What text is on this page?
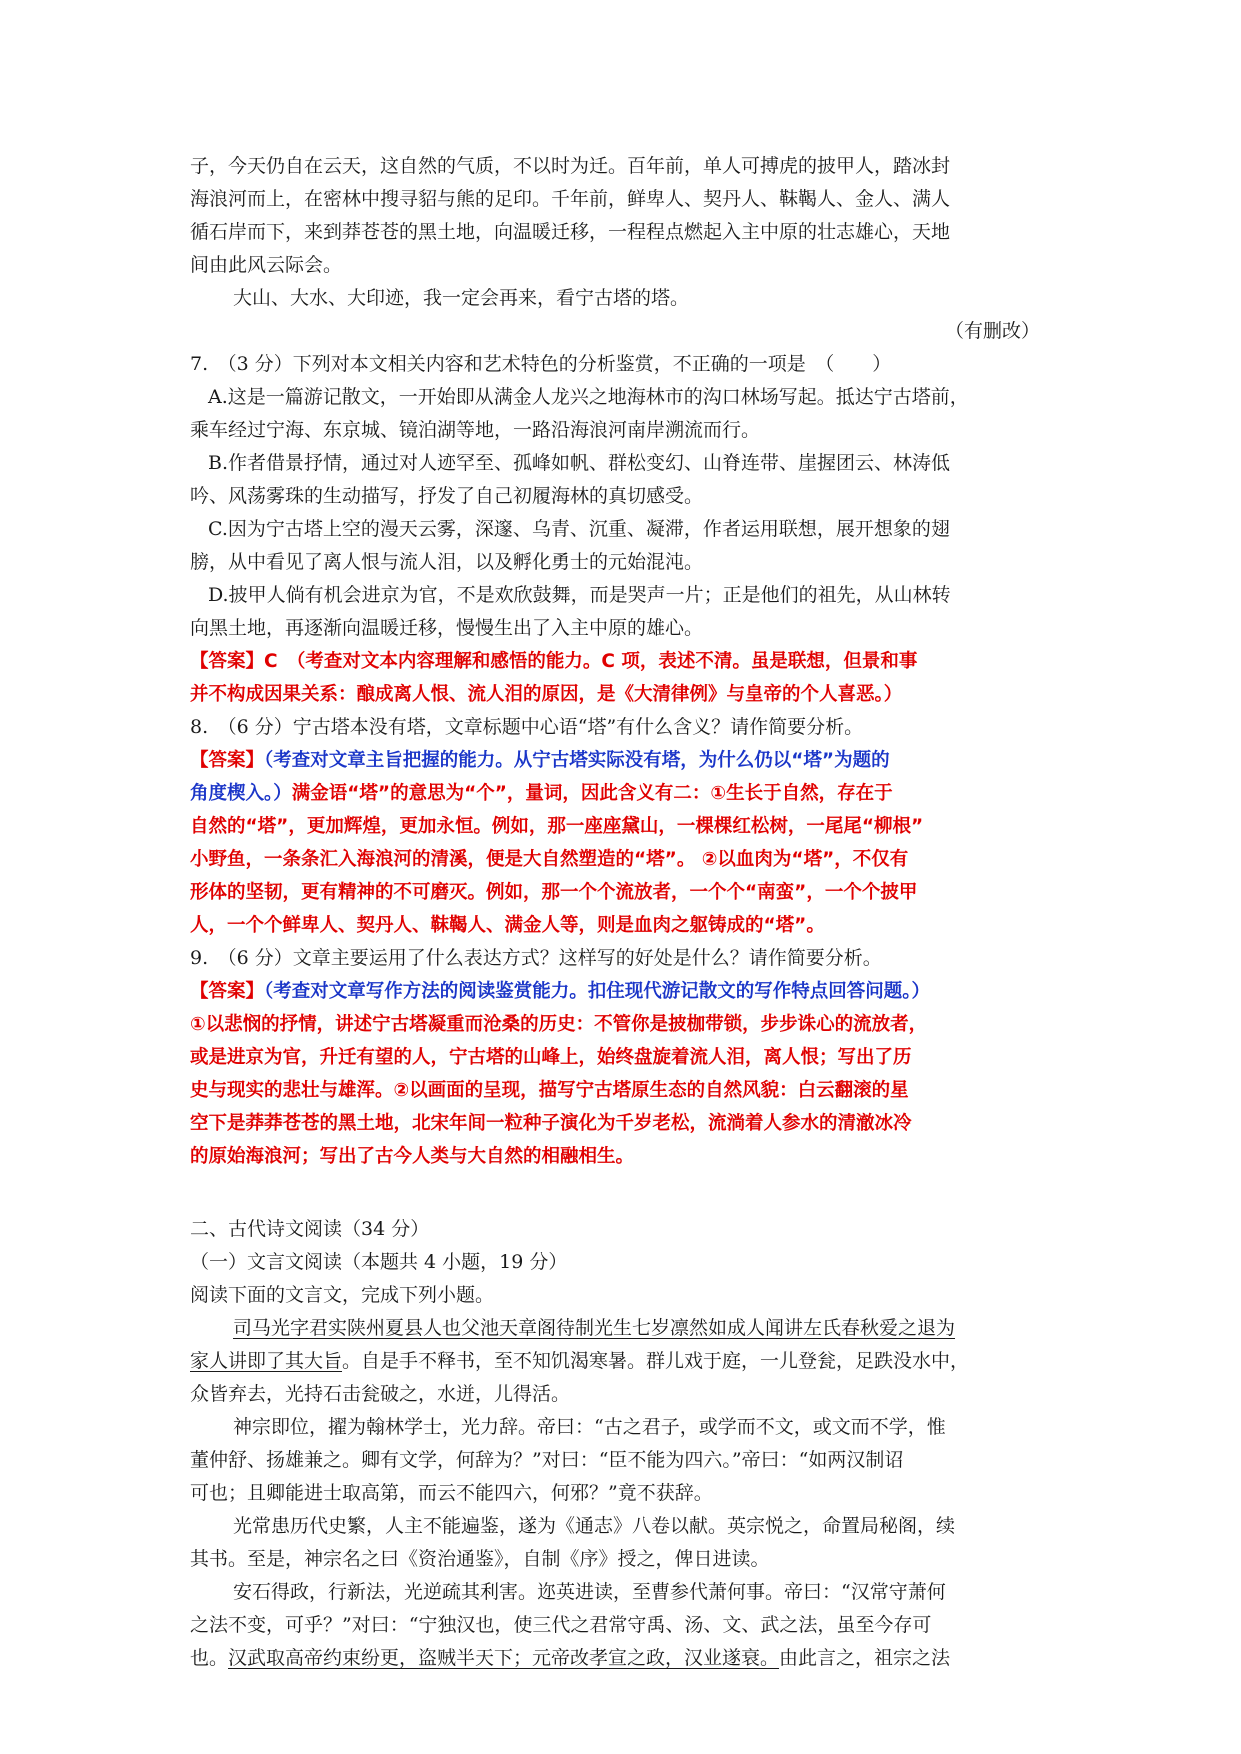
子，今天仍自在云天，这自然的气质，不以时为迁。百年前，单人可搏虎的披甲人，踏冰封
海浪河而上，在密林中搜寻貂与熊的足印。千年前，鲜卑人、契丹人、靺鞨人、金人、满人
循石岸而下，来到莽苍苍的黑土地，向温暖迁移，一程程点燃起入主中原的壮志雄心，天地
间由此风云际会。
大山、大水、大印迹，我一定会再来，看宁古塔的塔。
（有删改）
7.　（3 分）下列对本文相关内容和艺术特色的分析鉴赏，不正确的一项是　（　　）
A.这是一篇游记散文，一开始即从满金人龙兴之地海林市的沟口林场写起。抵达宁古塔前，
乘车经过宁海、东京城、镜泊湖等地，一路沿海浪河南岸溯流而行。
B.作者借景抒情，通过对人迹罕至、孤峰如帆、群松变幻、山脊连带、崖握团云、林涛低
吟、风荡雾珠的生动描写，抒发了自己初履海林的真切感受。
C.因为宁古塔上空的漫天云雾，深邃、乌青、沉重、凝滞，作者运用联想，展开想象的翅
膀，从中看见了离人恨与流人泪，以及孵化勇士的元始混沌。
D.披甲人倘有机会进京为官，不是欢欣鼓舞，而是哭声一片；正是他们的祖先，从山林转
向黑土地，再逐渐向温暖迁移，慢慢生出了入主中原的雄心。
【答案】C　（考查对文本内容理解和感悟的能力。C 项，表述不清。虽是联想，但景和事
并不构成因果关系：酿成离人恨、流人泪的原因，是《大清律例》与皇帝的个人喜恶。）
8.　（6 分）宁古塔本没有塔，文章标题中心语“塔”有什么含义？请作简要分析。
【答案】（考查对文章主旨把握的能力。从宁古塔实际没有塔，为什么仍以“塔”为题的
角度楔入。）满金语“塔”的意思为“个”，量词，因此含义有二：①生长于自然，存在于
自然的“塔”，更加辉煌，更加永恒。例如，那一座座黛山，一棵棵红松树，一尾尾“柳根”
小野鱼，一条条汇入海浪河的清溪，便是大自然塑造的“塔”。 ②以血肉为“塔”，不仅有
形体的坚韧，更有精神的不可磨灭。例如，那一个个流放者，一个个“南蛮”，一个个披甲
人，一个个鲜卑人、契丹人、靺鞨人、满金人等，则是血肉之躯铸成的“塔”。
9.　（6 分）文章主要运用了什么表达方式？这样写的好处是什么？请作简要分析。
【答案】（考查对文章写作方法的阅读鉴赏能力。扣住现代游记散文的写作特点回答问题。）
①以悲悯的抒情，讲述宁古塔凝重而沧桑的历史：不管你是披枷带锁，步步诛心的流放者，
或是进京为官，升迁有望的人，宁古塔的山峰上，始终盘旋着流人泪，离人恨；写出了历
史与现实的悲壮与雄浑。②以画面的呈现，描写宁古塔原生态的自然风貌：白云翻滚的星
空下是莽莽苍苍的黑土地，北宋年间一粒种子演化为千岁老松，流淌着人参水的清澈冰冷
的原始海浪河；写出了古今人类与大自然的相融相生。
二、古代诗文阅读（34 分）
（一）文言文阅读（本题共 4 小题，19 分）
阅读下面的文言文，完成下列小题。
司马光字君实陕州夏县人也父池天章阁待制光生七岁凛然如成人闻讲左氏春秋爱之退为
家人讲即了其大旨。自是手不释书，至不知饥渴寒暑。群儿戏于庭，一儿登瓮，足跌没水中，
众皆弃去，光持石击瓮破之，水迸，儿得活。
神宗即位，擢为翰林学士，光力辞。帝曰：“古之君子，或学而不文，或文而不学，惟
董仲舒、扬雄兼之。卿有文学，何辞为？”对曰：“臣不能为四六。”帝曰：“如两汉制诏
可也；且卿能进士取高第，而云不能四六，何邪？”竟不获辞。
光常患历代史繁，人主不能遍鉴，遂为《通志》八卷以献。英宗悦之，命置局秘阁，续
其书。至是，神宗名之曰《资治通鉴》，自制《序》授之，俾日进读。
安石得政，行新法，光逆疏其利害。迩英进读，至曹参代萧何事。帝曰：“汉常守萧何
之法不变，可乎？”对曰：“宁独汉也，使三代之君常守禹、汤、文、武之法，虽至今存可
也。汉武取高帝约束纷更，盗贼半天下；元帝改孝宣之政，汉业遂衰。由此言之，祖宗之法
